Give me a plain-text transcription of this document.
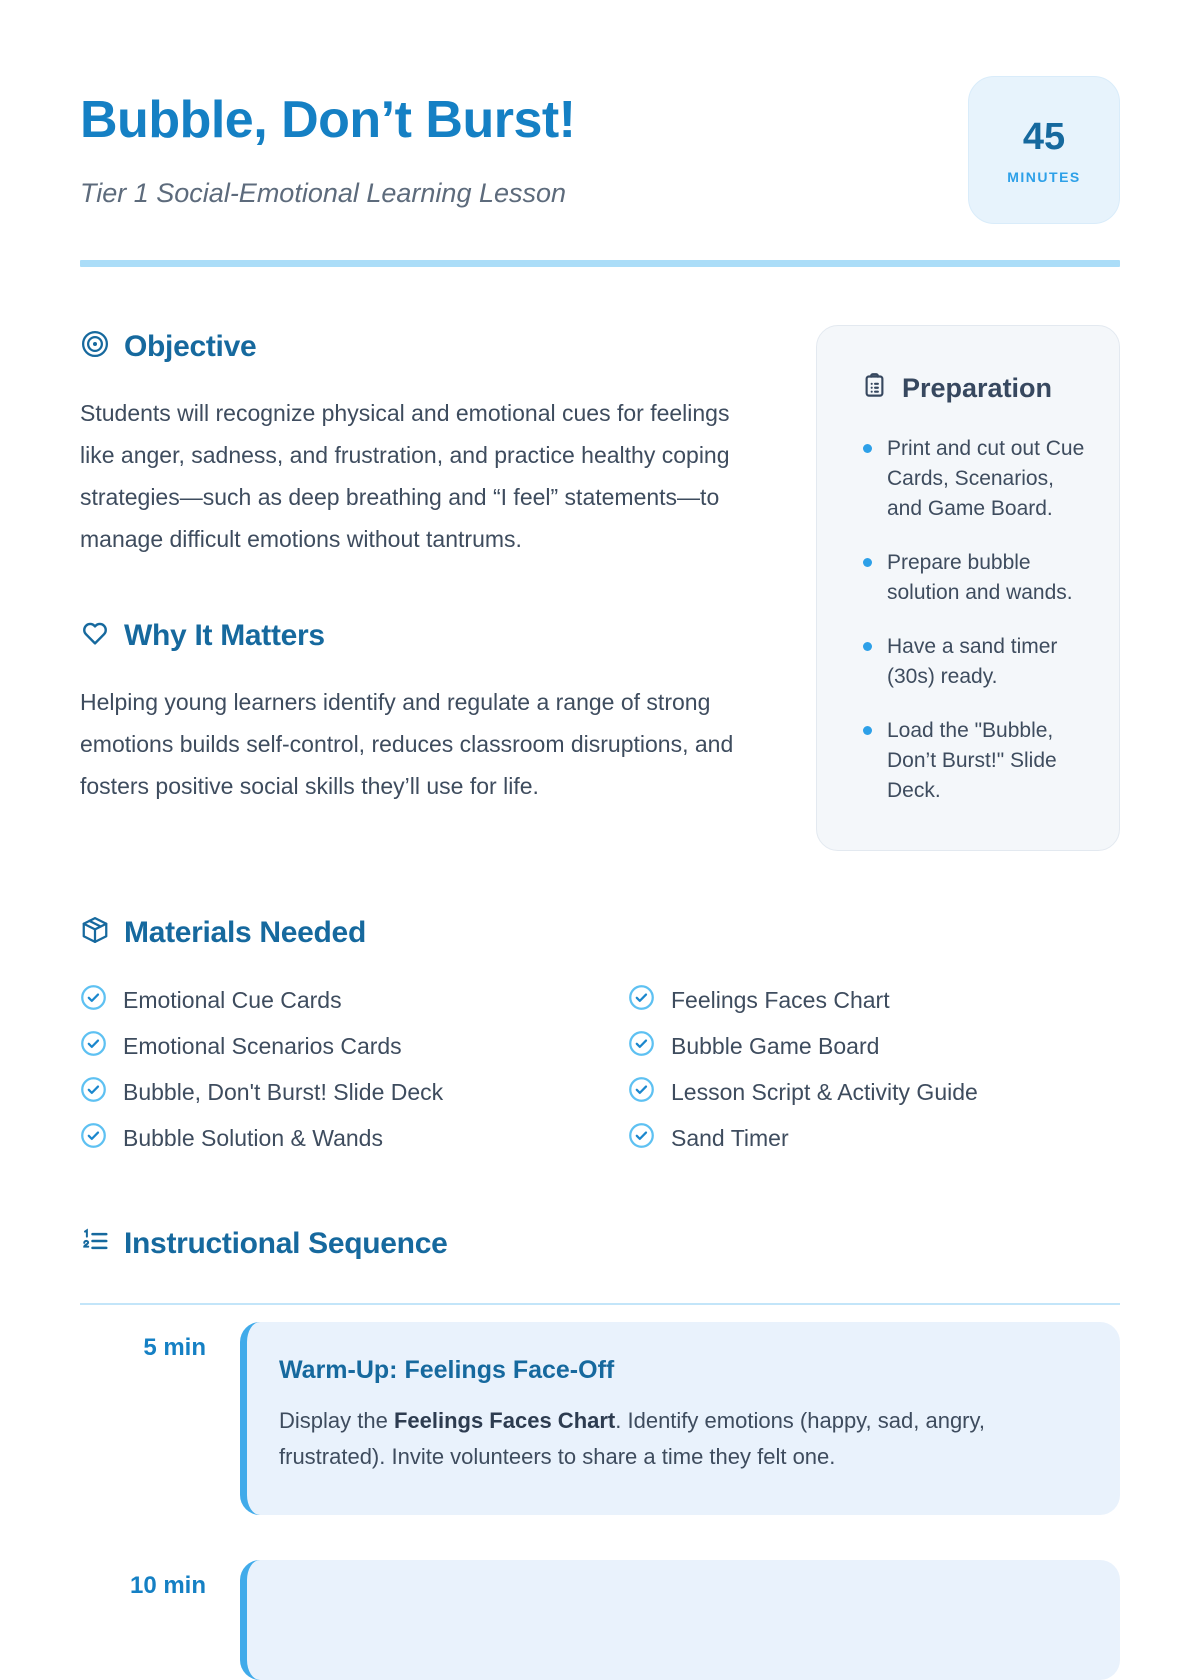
Bubble, Don’t Burst!
Tier 1 Social-Emotional Learning Lesson
45
MINUTES
Objective

Students will recognize physical and emotional cues for feelings like anger, sadness, and frustration, and practice healthy coping strategies—such as deep breathing and “I feel” statements—to manage difficult emotions without tantrums.

Why It Matters

Helping young learners identify and regulate a range of strong emotions builds self-control, reduces classroom disruptions, and fosters positive social skills they’ll use for life.

Preparation
Print and cut out Cue Cards, Scenarios, and Game Board.
Prepare bubble solution and wands.
Have a sand timer (30s) ready.
Load the "Bubble, Don’t Burst!" Slide Deck.
Materials Needed
Emotional Cue Cards	Feelings Faces Chart
Emotional Scenarios Cards	Bubble Game Board
Bubble, Don't Burst! Slide Deck	Lesson Script & Activity Guide
Bubble Solution & Wands	Sand Timer
Instructional Sequence
5 min
Warm-Up: Feelings Face-Off
Display the Feelings Faces Chart. Identify emotions (happy, sad, angry, frustrated). Invite volunteers to share a time they felt one.
10 min
